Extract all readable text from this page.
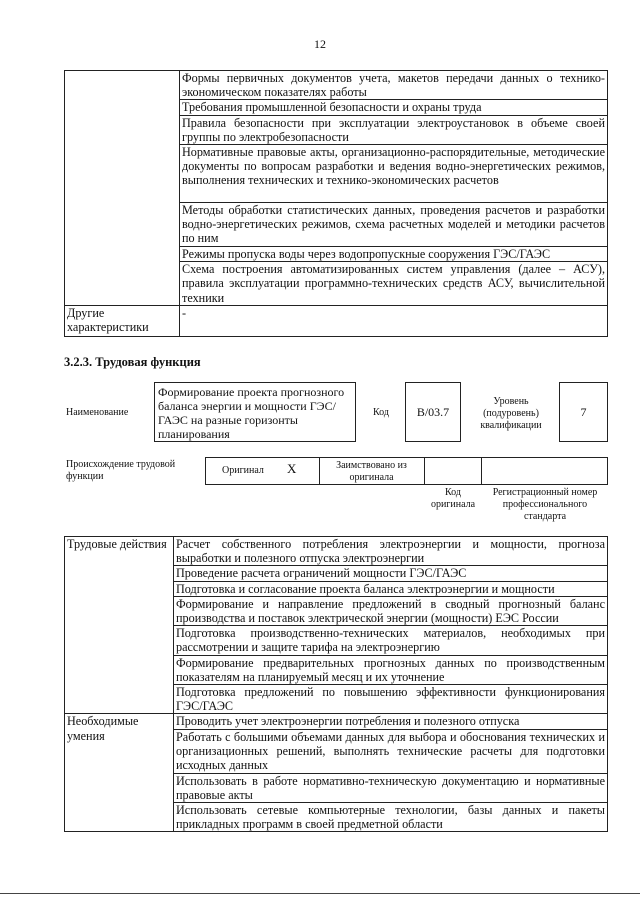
12
	Формы первичных документов учета, макетов передачи данных о технико-экономическом показателях работы
	Требования промышленной безопасности и охраны труда
	Правила безопасности при эксплуатации электроустановок в объеме своей группы по электробезопасности
	Нормативные правовые акты, организационно-распорядительные, методические документы по вопросам разработки и ведения водно-энергетических режимов, выполнения технических и технико-экономических расчетов
	Методы обработки статистических данных, проведения расчетов и разработки водно-энергетических режимов, схема расчетных моделей и методики расчетов по ним
	Режимы пропуска воды через водопропускные сооружения ГЭС/ГАЭС
	Схема построения автоматизированных систем управления (далее – АСУ), правила эксплуатации программно-технических средств АСУ, вычислительной техники
Другие характеристики	-
3.2.3. Трудовая функция
Наименование
Формирование проекта прогнозного баланса энергии и мощности ГЭС/ГАЭС на разные горизонты планирования
Код	B/03.7
Уровень (подуровень) квалификации
7
Происхождение трудовой функции
Оригинал X	Заимствовано из оригинала
Код оригинала
Регистрационный номер профессионального стандарта
Трудовые действия	Расчет собственного потребления электроэнергии и мощности, прогноза выработки и полезного отпуска электроэнергии
	Проведение расчета ограничений мощности ГЭС/ГАЭС
	Подготовка и согласование проекта баланса электроэнергии и мощности
	Формирование и направление предложений в сводный прогнозный баланс производства и поставок электрической энергии (мощности) ЕЭС России
	Подготовка производственно-технических материалов, необходимых при рассмотрении и защите тарифа на электроэнергию
	Формирование предварительных прогнозных данных по производственным показателям на планируемый месяц и их уточнение
	Подготовка предложений по повышению эффективности функционирования ГЭС/ГАЭС
Необходимые умения	Проводить учет электроэнергии потребления и полезного отпуска
	Работать с большими объемами данных для выбора и обоснования технических и организационных решений, выполнять технические расчеты для подготовки исходных данных
	Использовать в работе нормативно-техническую документацию и нормативные правовые акты
	Использовать сетевые компьютерные технологии, базы данных и пакеты прикладных программ в своей предметной области
